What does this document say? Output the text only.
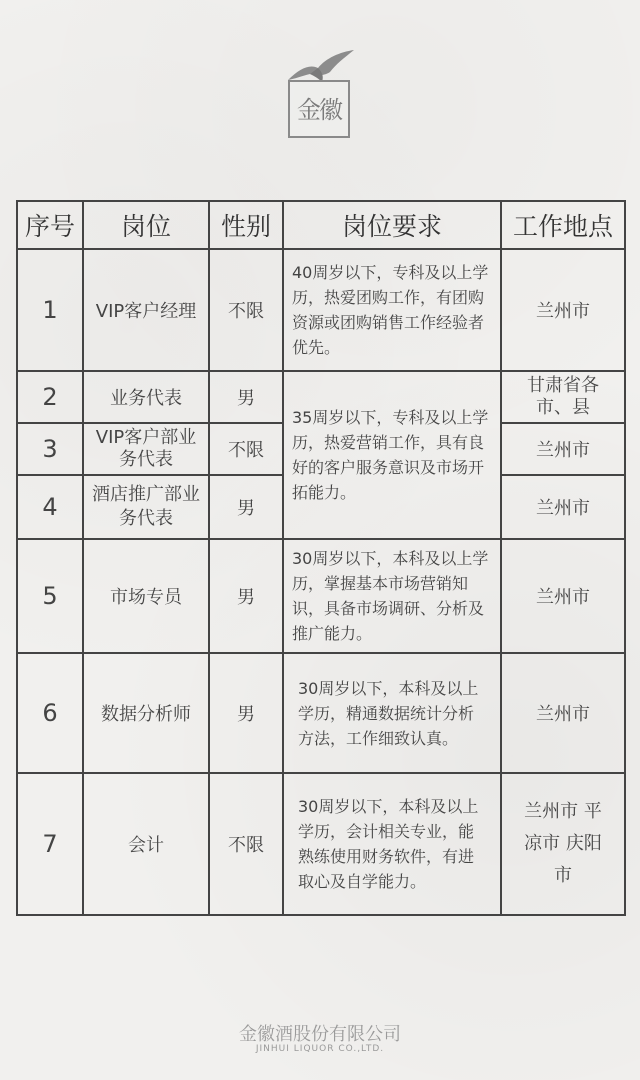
金徽
序号	岗位	性别	岗位要求	工作地点
1	VIP客户经理	不限	40周岁以下，专科及以上学历，热爱团购工作，有团购资源或团购销售工作经验者优先。	兰州市
2	业务代表	男	35周岁以下，专科及以上学历，热爱营销工作，具有良好的客户服务意识及市场开拓能力。	甘肃省各市、县
3	VIP客户部业务代表	不限		兰州市
4	酒店推广部业务代表	男		兰州市
5	市场专员	男	30周岁以下，本科及以上学历，掌握基本市场营销知识，具备市场调研、分析及推广能力。	兰州市
6	数据分析师	男	30周岁以下，本科及以上学历，精通数据统计分析方法，工作细致认真。	兰州市
7	会计	不限	30周岁以下，本科及以上学历，会计相关专业，能熟练使用财务软件，有进取心及自学能力。	兰州市 平凉市 庆阳市
金徽酒股份有限公司
JINHUI LIQUOR CO.,LTD.
